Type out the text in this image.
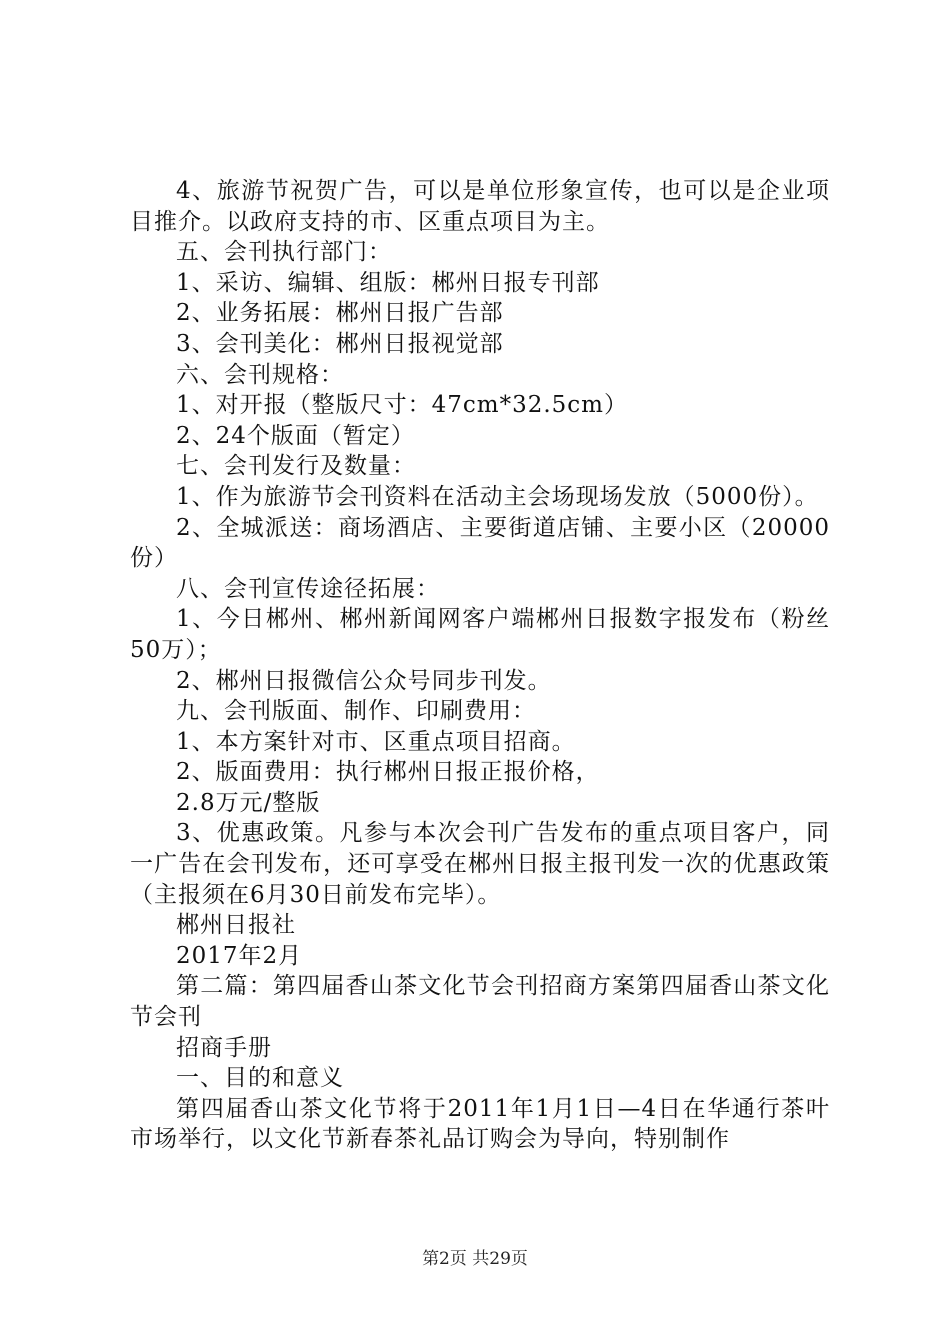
4、旅游节祝贺广告，可以是单位形象宣传，也可以是企业项目推介。以政府支持的市、区重点项目为主。

五、会刊执行部门：

1、采访、编辑、组版：郴州日报专刊部

2、业务拓展：郴州日报广告部

3、会刊美化：郴州日报视觉部

六、会刊规格：

1、对开报（整版尺寸：47cm*32.5cm）

2、24个版面（暂定）

七、会刊发行及数量：

1、作为旅游节会刊资料在活动主会场现场发放（5000份）。

2、全城派送：商场酒店、主要街道店铺、主要小区（20000份）

八、会刊宣传途径拓展：

1、今日郴州、郴州新闻网客户端郴州日报数字报发布（粉丝50万）；

2、郴州日报微信公众号同步刊发。

九、会刊版面、制作、印刷费用：

1、本方案针对市、区重点项目招商。

2、版面费用：执行郴州日报正报价格，

2.8万元/整版

3、优惠政策。凡参与本次会刊广告发布的重点项目客户，同一广告在会刊发布，还可享受在郴州日报主报刊发一次的优惠政策（主报须在6月30日前发布完毕）。

郴州日报社

2017年2月

第二篇：第四届香山茶文化节会刊招商方案第四届香山茶文化节会刊

招商手册

一、目的和意义

第四届香山茶文化节将于2011年1月1日—4日在华通行茶叶市场举行，以文化节新春茶礼品订购会为导向，特别制作

第2页 共29页
